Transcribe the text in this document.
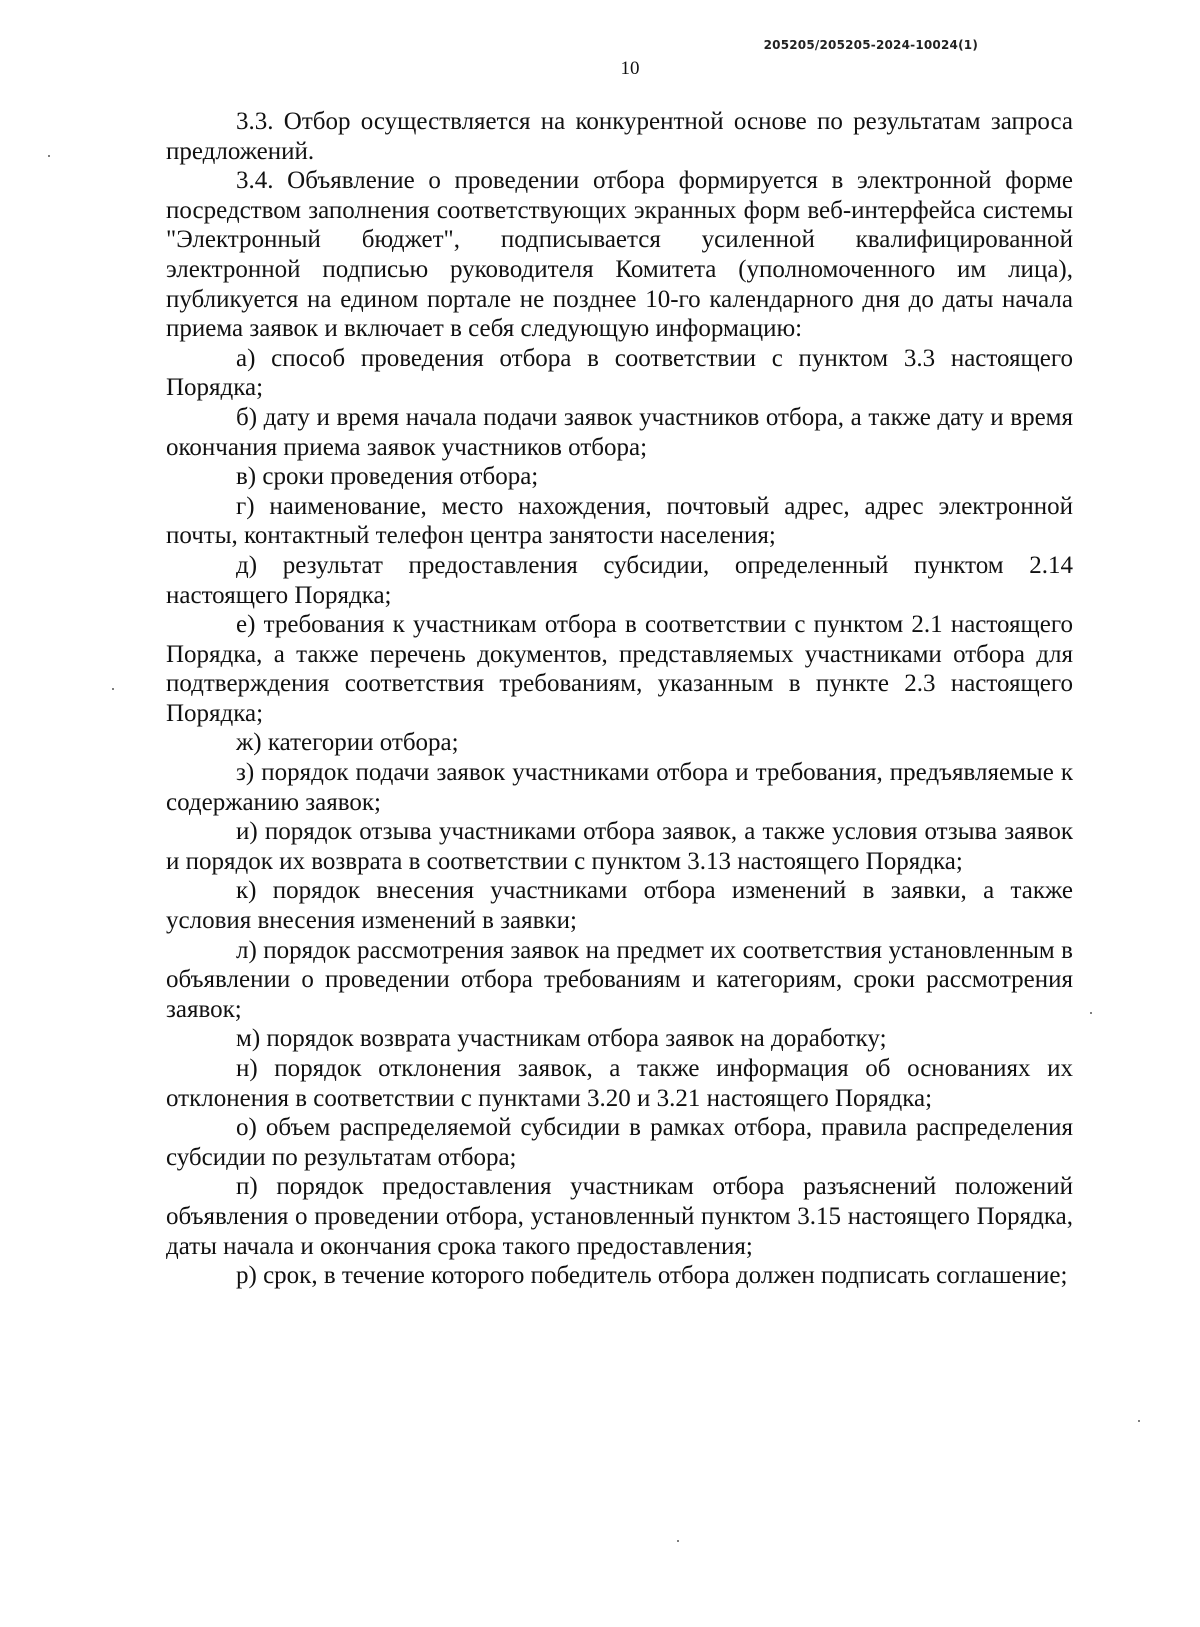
205205/205205-2024-10024(1)
10

3.3. Отбор осуществляется на конкурентной основе по результатам запроса предложений.

3.4. Объявление о проведении отбора формируется в электронной форме посредством заполнения соответствующих экранных форм веб-интерфейса системы "Электронный бюджет", подписывается усиленной квалифицированной электронной подписью руководителя Комитета (уполномоченного им лица), публикуется на едином портале не позднее 10-го календарного дня до даты начала приема заявок и включает в себя следующую информацию:

а) способ проведения отбора в соответствии с пунктом 3.3 настоящего Порядка;

б) дату и время начала подачи заявок участников отбора, а также дату и время окончания приема заявок участников отбора;

в) сроки проведения отбора;

г) наименование, место нахождения, почтовый адрес, адрес электронной почты, контактный телефон центра занятости населения;

д) результат предоставления субсидии, определенный пунктом 2.14 настоящего Порядка;

е) требования к участникам отбора в соответствии с пунктом 2.1 настоящего Порядка, а также перечень документов, представляемых участниками отбора для подтверждения соответствия требованиям, указанным в пункте 2.3 настоящего Порядка;

ж) категории отбора;

з) порядок подачи заявок участниками отбора и требования, предъявляемые к содержанию заявок;

и) порядок отзыва участниками отбора заявок, а также условия отзыва заявок и порядок их возврата в соответствии с пунктом 3.13 настоящего Порядка;

к) порядок внесения участниками отбора изменений в заявки, а также условия внесения изменений в заявки;

л) порядок рассмотрения заявок на предмет их соответствия установленным в объявлении о проведении отбора требованиям и категориям, сроки рассмотрения заявок;

м) порядок возврата участникам отбора заявок на доработку;

н) порядок отклонения заявок, а также информация об основаниях их отклонения в соответствии с пунктами 3.20 и 3.21 настоящего Порядка;

о) объем распределяемой субсидии в рамках отбора, правила распределения субсидии по результатам отбора;

п) порядок предоставления участникам отбора разъяснений положений объявления о проведении отбора, установленный пунктом 3.15 настоящего Порядка, даты начала и окончания срока такого предоставления;

р) срок, в течение которого победитель отбора должен подписать соглашение;
